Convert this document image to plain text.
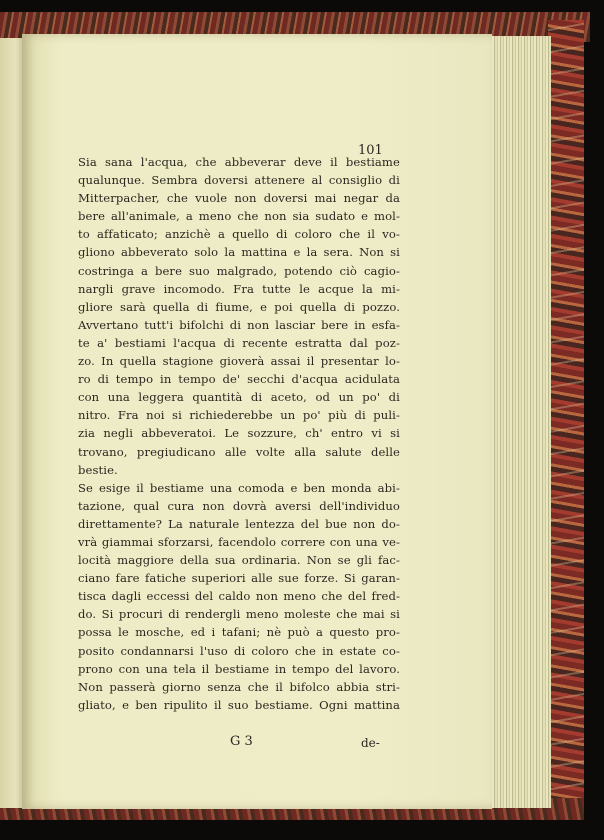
101
Sia sana l'acqua, che abbeverar deve il bestiame
qualunque. Sembra doversi attenere al consiglio di
Mitterpacher, che vuole non doversi mai negar da
bere all'animale, a meno che non sia sudato e mol-
to affaticato; anzichè a quello di coloro che il vo-
gliono abbeverato solo la mattina e la sera. Non si
costringa a bere suo malgrado, potendo ciò cagio-
nargli grave incomodo. Fra tutte le acque la mi-
gliore sarà quella di fiume, e poi quella di pozzo.
Avvertano tutt'i bifolchi di non lasciar bere in esfa-
te a' bestiami l'acqua di recente estratta dal poz-
zo. In quella stagione gioverà assai il presentar lo-
ro di tempo in tempo de' secchi d'acqua acidulata
con una leggera quantità di aceto, od un po' di
nitro. Fra noi si richiederebbe un po' più di puli-
zia negli abbeveratoi. Le sozzure, ch' entro vi si
trovano, pregiudicano alle volte alla salute delle
bestie.
Se esige il bestiame una comoda e ben monda abi-
tazione, qual cura non dovrà aversi dell'individuo
direttamente? La naturale lentezza del bue non do-
vrà giammai sforzarsi, facendolo correre con una ve-
locità maggiore della sua ordinaria. Non se gli fac-
ciano fare fatiche superiori alle sue forze. Si garan-
tisca dagli eccessi del caldo non meno che del fred-
do. Si procuri di rendergli meno moleste che mai si
possa le mosche, ed i tafani; nè può a questo pro-
posito condannarsi l'uso di coloro che in estate co-
prono con una tela il bestiame in tempo del lavoro.
Non passerà giorno senza che il bifolco abbia stri-
gliato, e ben ripulito il suo bestiame. Ogni mattina
G 3	de-
